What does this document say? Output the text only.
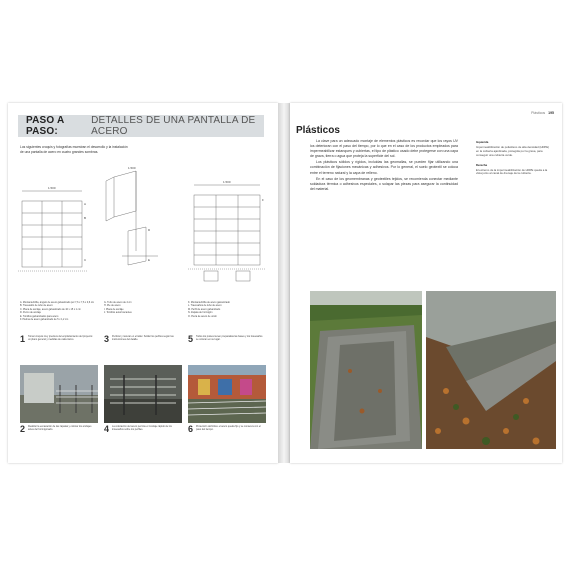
PASO A PASO:
DETALLES DE UNA PANTALLA DE ACERO
Los siguientes croquis y fotografías muestran el desarrollo y la instalación de una pantalla de acero en cuatro grandes sombras.
1.500
1.500
1.500
A
B
C
D
E
F
A. Montante/tirilla, ángulo de acero galvanizado por 7,6 x 7,6 x 0,6 cm
B. Travesaño de tubo de acero
C. Placa de anclaje, acero galvanizado de 10 x 15 x 1 cm
D. Perno de anclaje
E. Tornillos galvanizados para acero
F. Pletina de acero galvanizado de 5 x 1,2 cm
G. Tubo de acero de 4 cm
H. Pie de acero
I. Placa de anclaje
J. Tornillos autorroscantes
K. Montante/tirilla de acero galvanizado
L. Travesaños de tubo de acero
M. Perfil de acero galvanizado
N. Zapata de hormigón
O. Pieza de acero de unión
1 Tomar croquis muy precisos del emplazamiento del proyecto: un plano general y medidas de cada tramo.	3 Perforar y ranurar en el taller. Soldar los perfiles según las instrucciones del detalle.	5 Todos los postes tienen preparadas las bases y los travesaños se colocan en su lugar.
2 Realizar la excavación de las zapatas y colocar los anclajes antes del hormigonado.	4 La colocación del acero permite el montaje rápido de los travesaños sobre los perfiles.	6 Protección definitiva: el acero queda fijo y se conserva con el paso del tiempo.
Plásticos 195
Plásticos

La clave para un adecuado montaje de elementos plásticos es recordar que los rayos UV los deterioran con el paso del tiempo, por lo que en el caso de los productos empleados para impermeabilizar estanques y cubiertas, el tipo de plástico usado debe protegerse con una capa de grava, tierra o agua que proteja la superficie del sol.

Los plásticos sólidos y rígidos, incluidas las geomallas, se pueden fijar utilizando una combinación de fijaciones mecánicas y adhesivos. Por lo general, el suelo geotextil se coloca entre el terreno natural y la capa de relleno.

En el caso de los geomembranas y geotextiles tejidos, se recomienda conectar mediante soldadura térmica o adhesivos especiales, o solapar las piezas para asegurar la continuidad del material.

Izquierda
Impermeabilización de polietileno de alta densidad (HDPE) en la cubierta ajardinada, protegida por la grava, para conseguir una cubierta verde.
Derecha
El extremo de la impermeabilización de HDPE queda a la vista junto al canal de drenaje de la cubierta.
